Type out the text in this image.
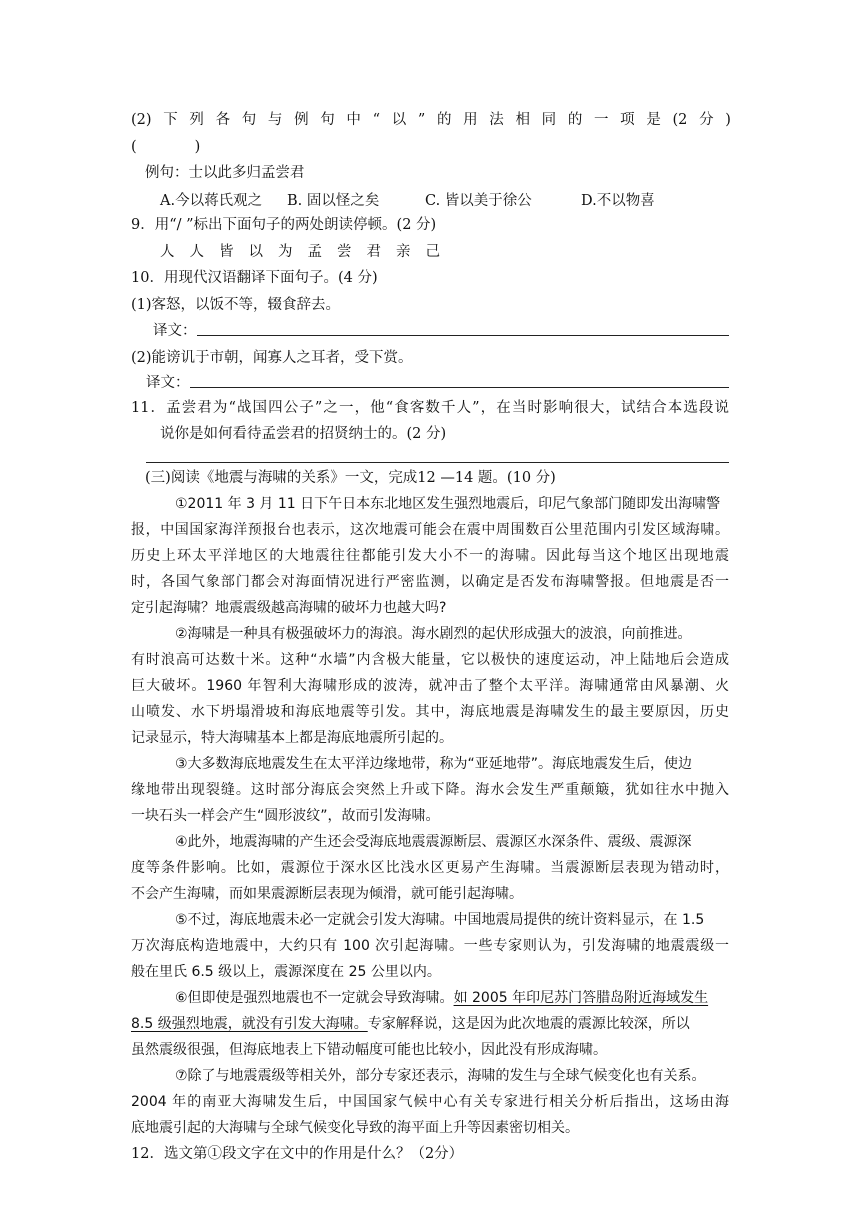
(2) 下 列 各 句 与 例 句 中 “ 以 ” 的 用 法 相 同 的 一 项 是 (2 分 )
(　　　　)
例句：士以此多归孟尝君
A.今以蒋氏观之 B. 固以怪之矣	C. 皆以美于徐公	D.不以物喜
9．用“/ ”标出下面句子的两处朗读停顿。(2 分)
人人皆以为孟尝君亲己
10．用现代汉语翻译下面句子。(4 分)
(1)客怒，以饭不等，辍食辞去。
译文：
(2)能谤讥于市朝，闻寡人之耳者，受下赏。
译文：
11．孟尝君为“战国四公子”之一，他“食客数千人”，在当时影响很大，试结合本选段说
说你是如何看待孟尝君的招贤纳士的。(2 分)
(三)阅读《地震与海啸的关系》一文，完成12 —14 题。(10 分)
①2011 年 3 月 11 日下午日本东北地区发生强烈地震后，印尼气象部门随即发出海啸警
报，中国国家海洋预报台也表示，这次地震可能会在震中周围数百公里范围内引发区域海啸。
历史上环太平洋地区的大地震往往都能引发大小不一的海啸。因此每当这个地区出现地震
时，各国气象部门都会对海面情况进行严密监测，以确定是否发布海啸警报。但地震是否一
定引起海啸？地震震级越高海啸的破坏力也越大吗?
②海啸是一种具有极强破坏力的海浪。海水剧烈的起伏形成强大的波浪，向前推进。
有时浪高可达数十米。这种“水墙”内含极大能量，它以极快的速度运动，冲上陆地后会造成
巨大破坏。1960 年智利大海啸形成的波涛，就冲击了整个太平洋。海啸通常由风暴潮、火
山喷发、水下坍塌滑坡和海底地震等引发。其中，海底地震是海啸发生的最主要原因，历史
记录显示，特大海啸基本上都是海底地震所引起的。
③大多数海底地震发生在太平洋边缘地带，称为“亚延地带”。海底地震发生后，使边
缘地带出现裂缝。这时部分海底会突然上升或下降。海水会发生严重颠簸，犹如往水中抛入
一块石头一样会产生“圆形波纹”，故而引发海啸。
④此外，地震海啸的产生还会受海底地震震源断层、震源区水深条件、震级、震源深
度等条件影响。比如，震源位于深水区比浅水区更易产生海啸。当震源断层表现为错动时，
不会产生海啸，而如果震源断层表现为倾滑，就可能引起海啸。
⑤不过，海底地震未必一定就会引发大海啸。中国地震局提供的统计资料显示，在 1.5
万次海底构造地震中，大约只有 100 次引起海啸。一些专家则认为，引发海啸的地震震级一
般在里氏 6.5 级以上，震源深度在 25 公里以内。
⑥但即使是强烈地震也不一定就会导致海啸。如 2005 年印尼苏门答腊岛附近海域发生
8.5 级强烈地震，就没有引发大海啸。专家解释说，这是因为此次地震的震源比较深，所以
虽然震级很强，但海底地表上下错动幅度可能也比较小，因此没有形成海啸。
⑦除了与地震震级等相关外，部分专家还表示，海啸的发生与全球气候变化也有关系。
2004 年的南亚大海啸发生后，中国国家气候中心有关专家进行相关分析后指出，这场由海
底地震引起的大海啸与全球气候变化导致的海平面上升等因素密切相关。
12．选文第①段文字在文中的作用是什么？（2分）
